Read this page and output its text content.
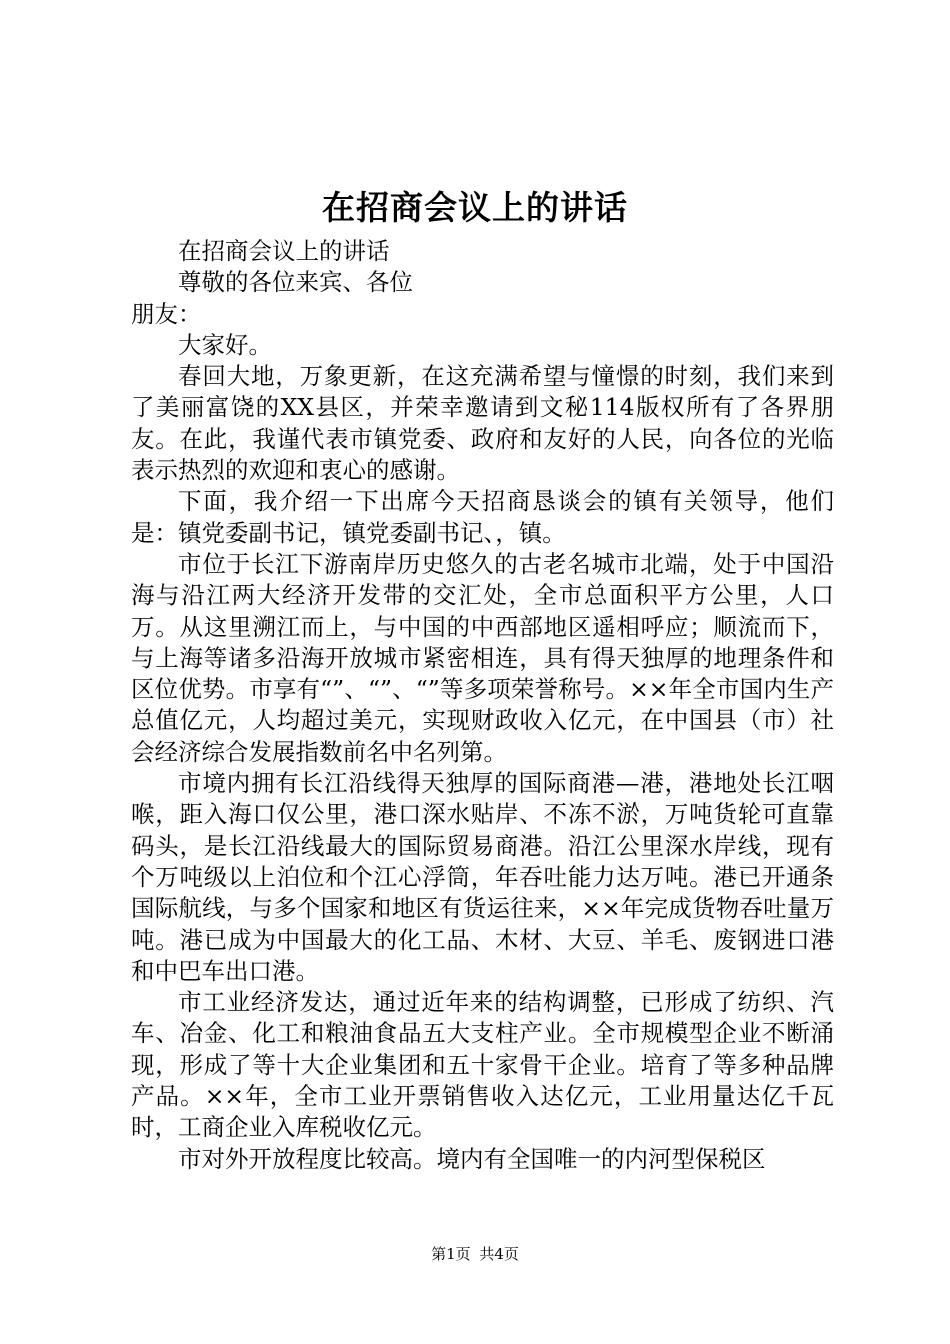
在招商会议上的讲话

在招商会议上的讲话

尊敬的各位来宾、各位朋友：

大家好。

春回大地，万象更新，在这充满希望与憧憬的时刻，我们来到了美丽富饶的XX县区，并荣幸邀请到文秘114版权所有了各界朋友。在此，我谨代表市镇党委、政府和友好的人民，向各位的光临表示热烈的欢迎和衷心的感谢。

下面，我介绍一下出席今天招商恳谈会的镇有关领导，他们是：镇党委副书记，镇党委副书记、，镇。

市位于长江下游南岸历史悠久的古老名城市北端，处于中国沿海与沿江两大经济开发带的交汇处，全市总面积平方公里，人口万。从这里溯江而上，与中国的中西部地区遥相呼应；顺流而下，与上海等诸多沿海开放城市紧密相连，具有得天独厚的地理条件和区位优势。市享有“”、“”、“”等多项荣誉称号。××年全市国内生产总值亿元，人均超过美元，实现财政收入亿元，在中国县（市）社会经济综合发展指数前名中名列第。

市境内拥有长江沿线得天独厚的国际商港—港，港地处长江咽喉，距入海口仅公里，港口深水贴岸、不冻不淤，万吨货轮可直靠码头，是长江沿线最大的国际贸易商港。沿江公里深水岸线，现有个万吨级以上泊位和个江心浮筒，年吞吐能力达万吨。港已开通条国际航线，与多个国家和地区有货运往来，××年完成货物吞吐量万吨。港已成为中国最大的化工品、木材、大豆、羊毛、废钢进口港和中巴车出口港。

市工业经济发达，通过近年来的结构调整，已形成了纺织、汽车、冶金、化工和粮油食品五大支柱产业。全市规模型企业不断涌现，形成了等十大企业集团和五十家骨干企业。培育了等多种品牌产品。××年，全市工业开票销售收入达亿元，工业用量达亿千瓦时，工商企业入库税收亿元。

市对外开放程度比较高。境内有全国唯一的内河型保税区

第1页 共4页
